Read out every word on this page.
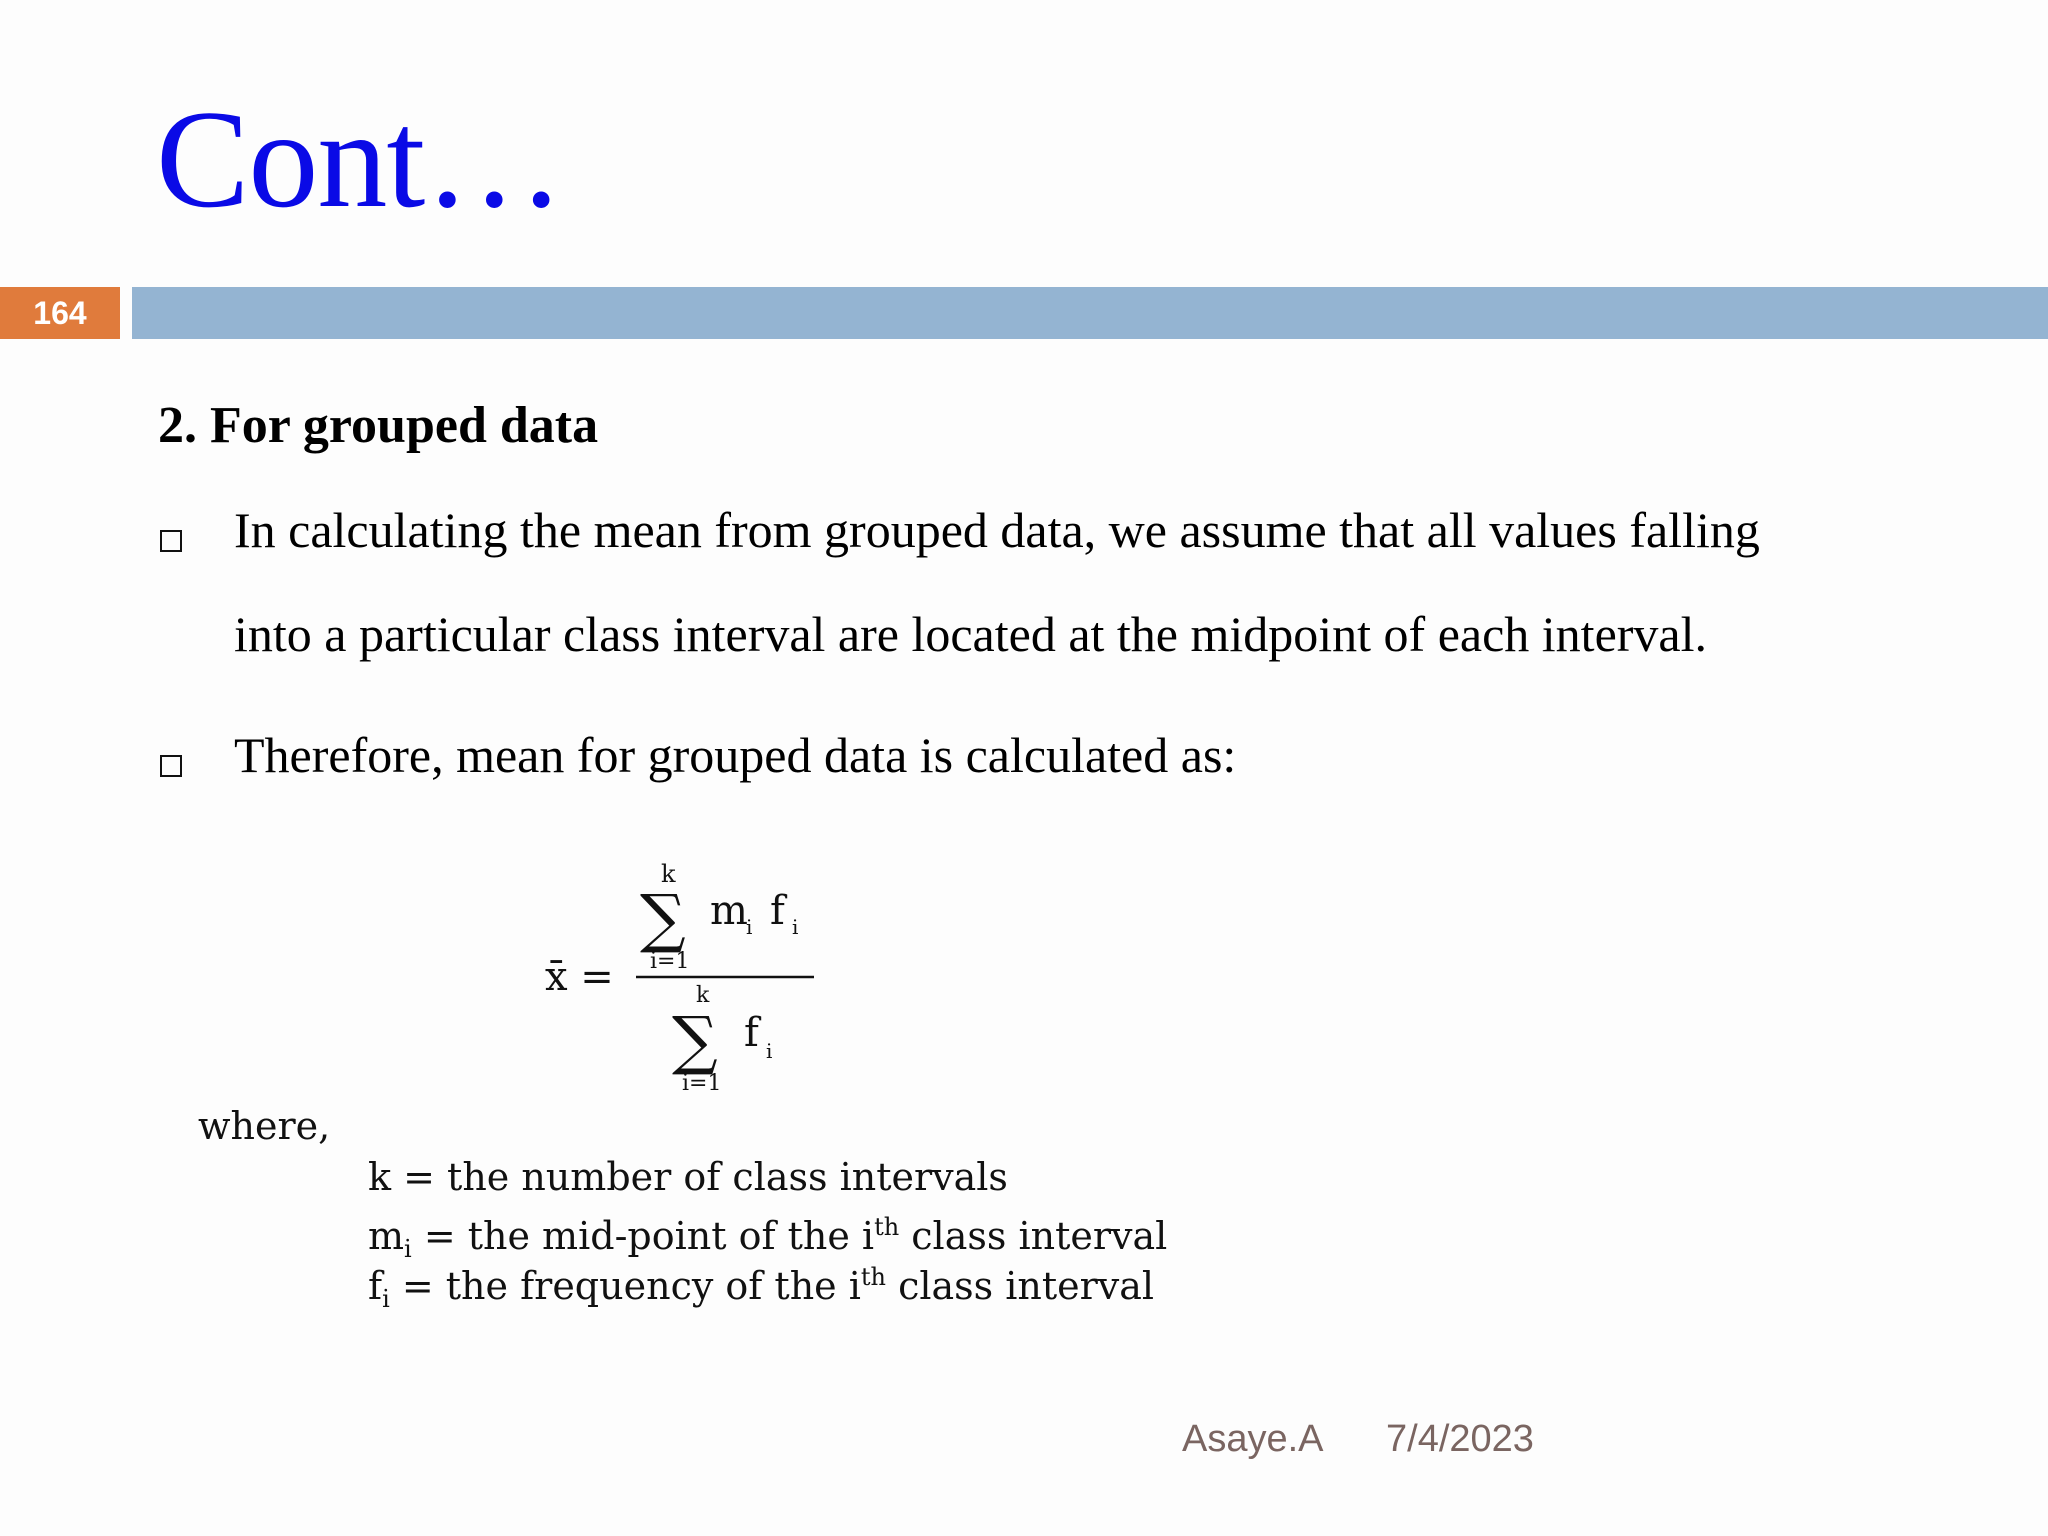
Cont…
164
2. For grouped data
In calculating the mean from grouped data, we assume that all values falling
into a particular class interval are located at the midpoint of each interval.
Therefore, mean for grouped data is calculated as:
x̄ =
k
∑
i=1
m
i f i
k
∑
i=1
f i
where,
k = the number of class intervals
$m_i$ = the mid-point of the $i^{th}$ class interval
$f_i$ = the frequency of the $i^{th}$ class interval
Asaye.A 7/4/2023
